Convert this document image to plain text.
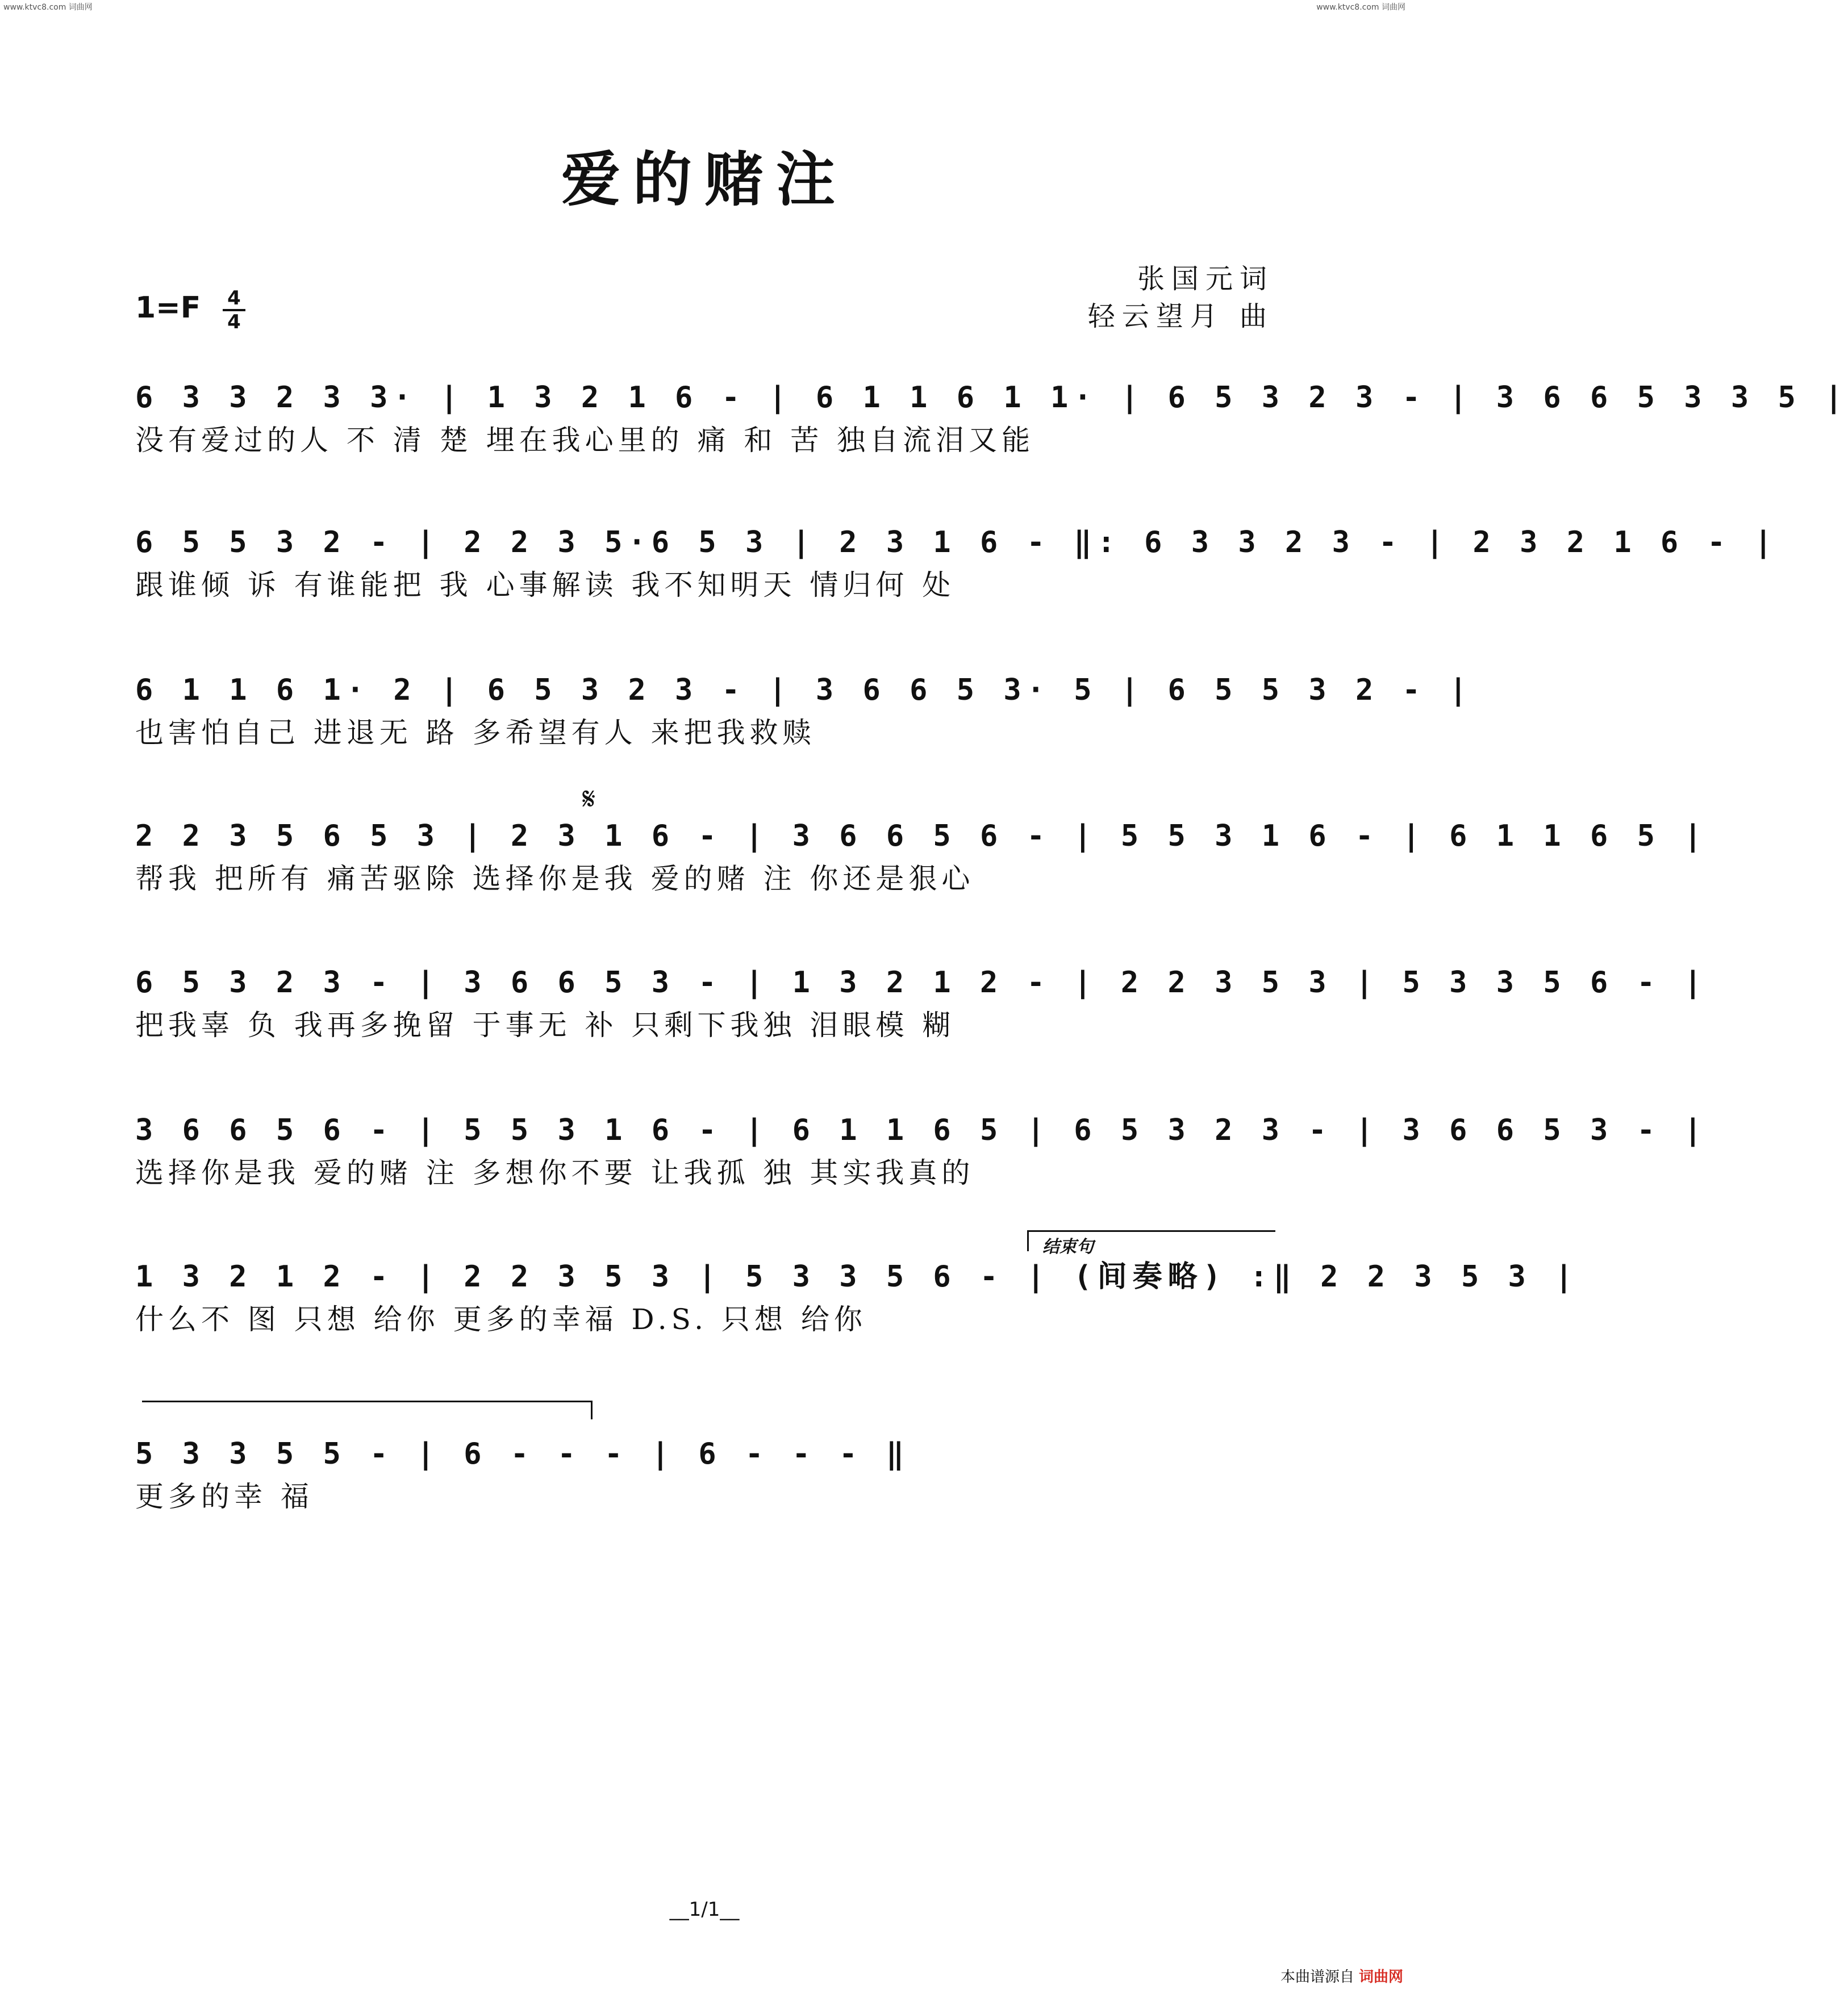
www.ktvc8.com 词曲网	www.ktvc8.com 词曲网
爱的赌注
张国元词
轻云望月 曲
1=F 4
4
𝄋
结束句
6 3 3 2 3 3· | 1 3 2 1 6 - | 6 1 1 6 1 1· | 6 5 3 2 3 - | 3 6 6 5 3 3 5 |
没有爱过的人 不 清 楚 埋在我心里的 痛 和 苦 独自流泪又能
6 5 5 3 2 - | 2 2 3 5·6 5 3 | 2 3 1 6 - ‖: 6 3 3 2 3 - | 2 3 2 1 6 - |
跟谁倾 诉 有谁能把 我 心事解读 我不知明天 情归何 处
6 1 1 6 1· 2 | 6 5 3 2 3 - | 3 6 6 5 3· 5 | 6 5 5 3 2 - |
也害怕自己 进退无 路 多希望有人 来把我救赎
2 2 3 5 6 5 3 | 2 3 1 6 - | 3 6 6 5 6 - | 5 5 3 1 6 - | 6 1 1 6 5 |
帮我 把所有 痛苦驱除 选择你是我 爱的赌 注 你还是狠心
6 5 3 2 3 - | 3 6 6 5 3 - | 1 3 2 1 2 - | 2 2 3 5 3 | 5 3 3 5 6 - |
把我辜 负 我再多挽留 于事无 补 只剩下我独 泪眼模 糊
3 6 6 5 6 - | 5 5 3 1 6 - | 6 1 1 6 5 | 6 5 3 2 3 - | 3 6 6 5 3 - |
选择你是我 爱的赌 注 多想你不要 让我孤 独 其实我真的
1 3 2 1 2 - | 2 2 3 5 3 | 5 3 3 5 6 - | (间奏略) :‖ 2 2 3 5 3 |
什么不 图 只想 给你 更多的幸福 D.S. 只想 给你
5 3 3 5 5 - | 6 - - - | 6 - - - ‖
更多的幸 福
__1/1__
本曲谱源自 词曲网
